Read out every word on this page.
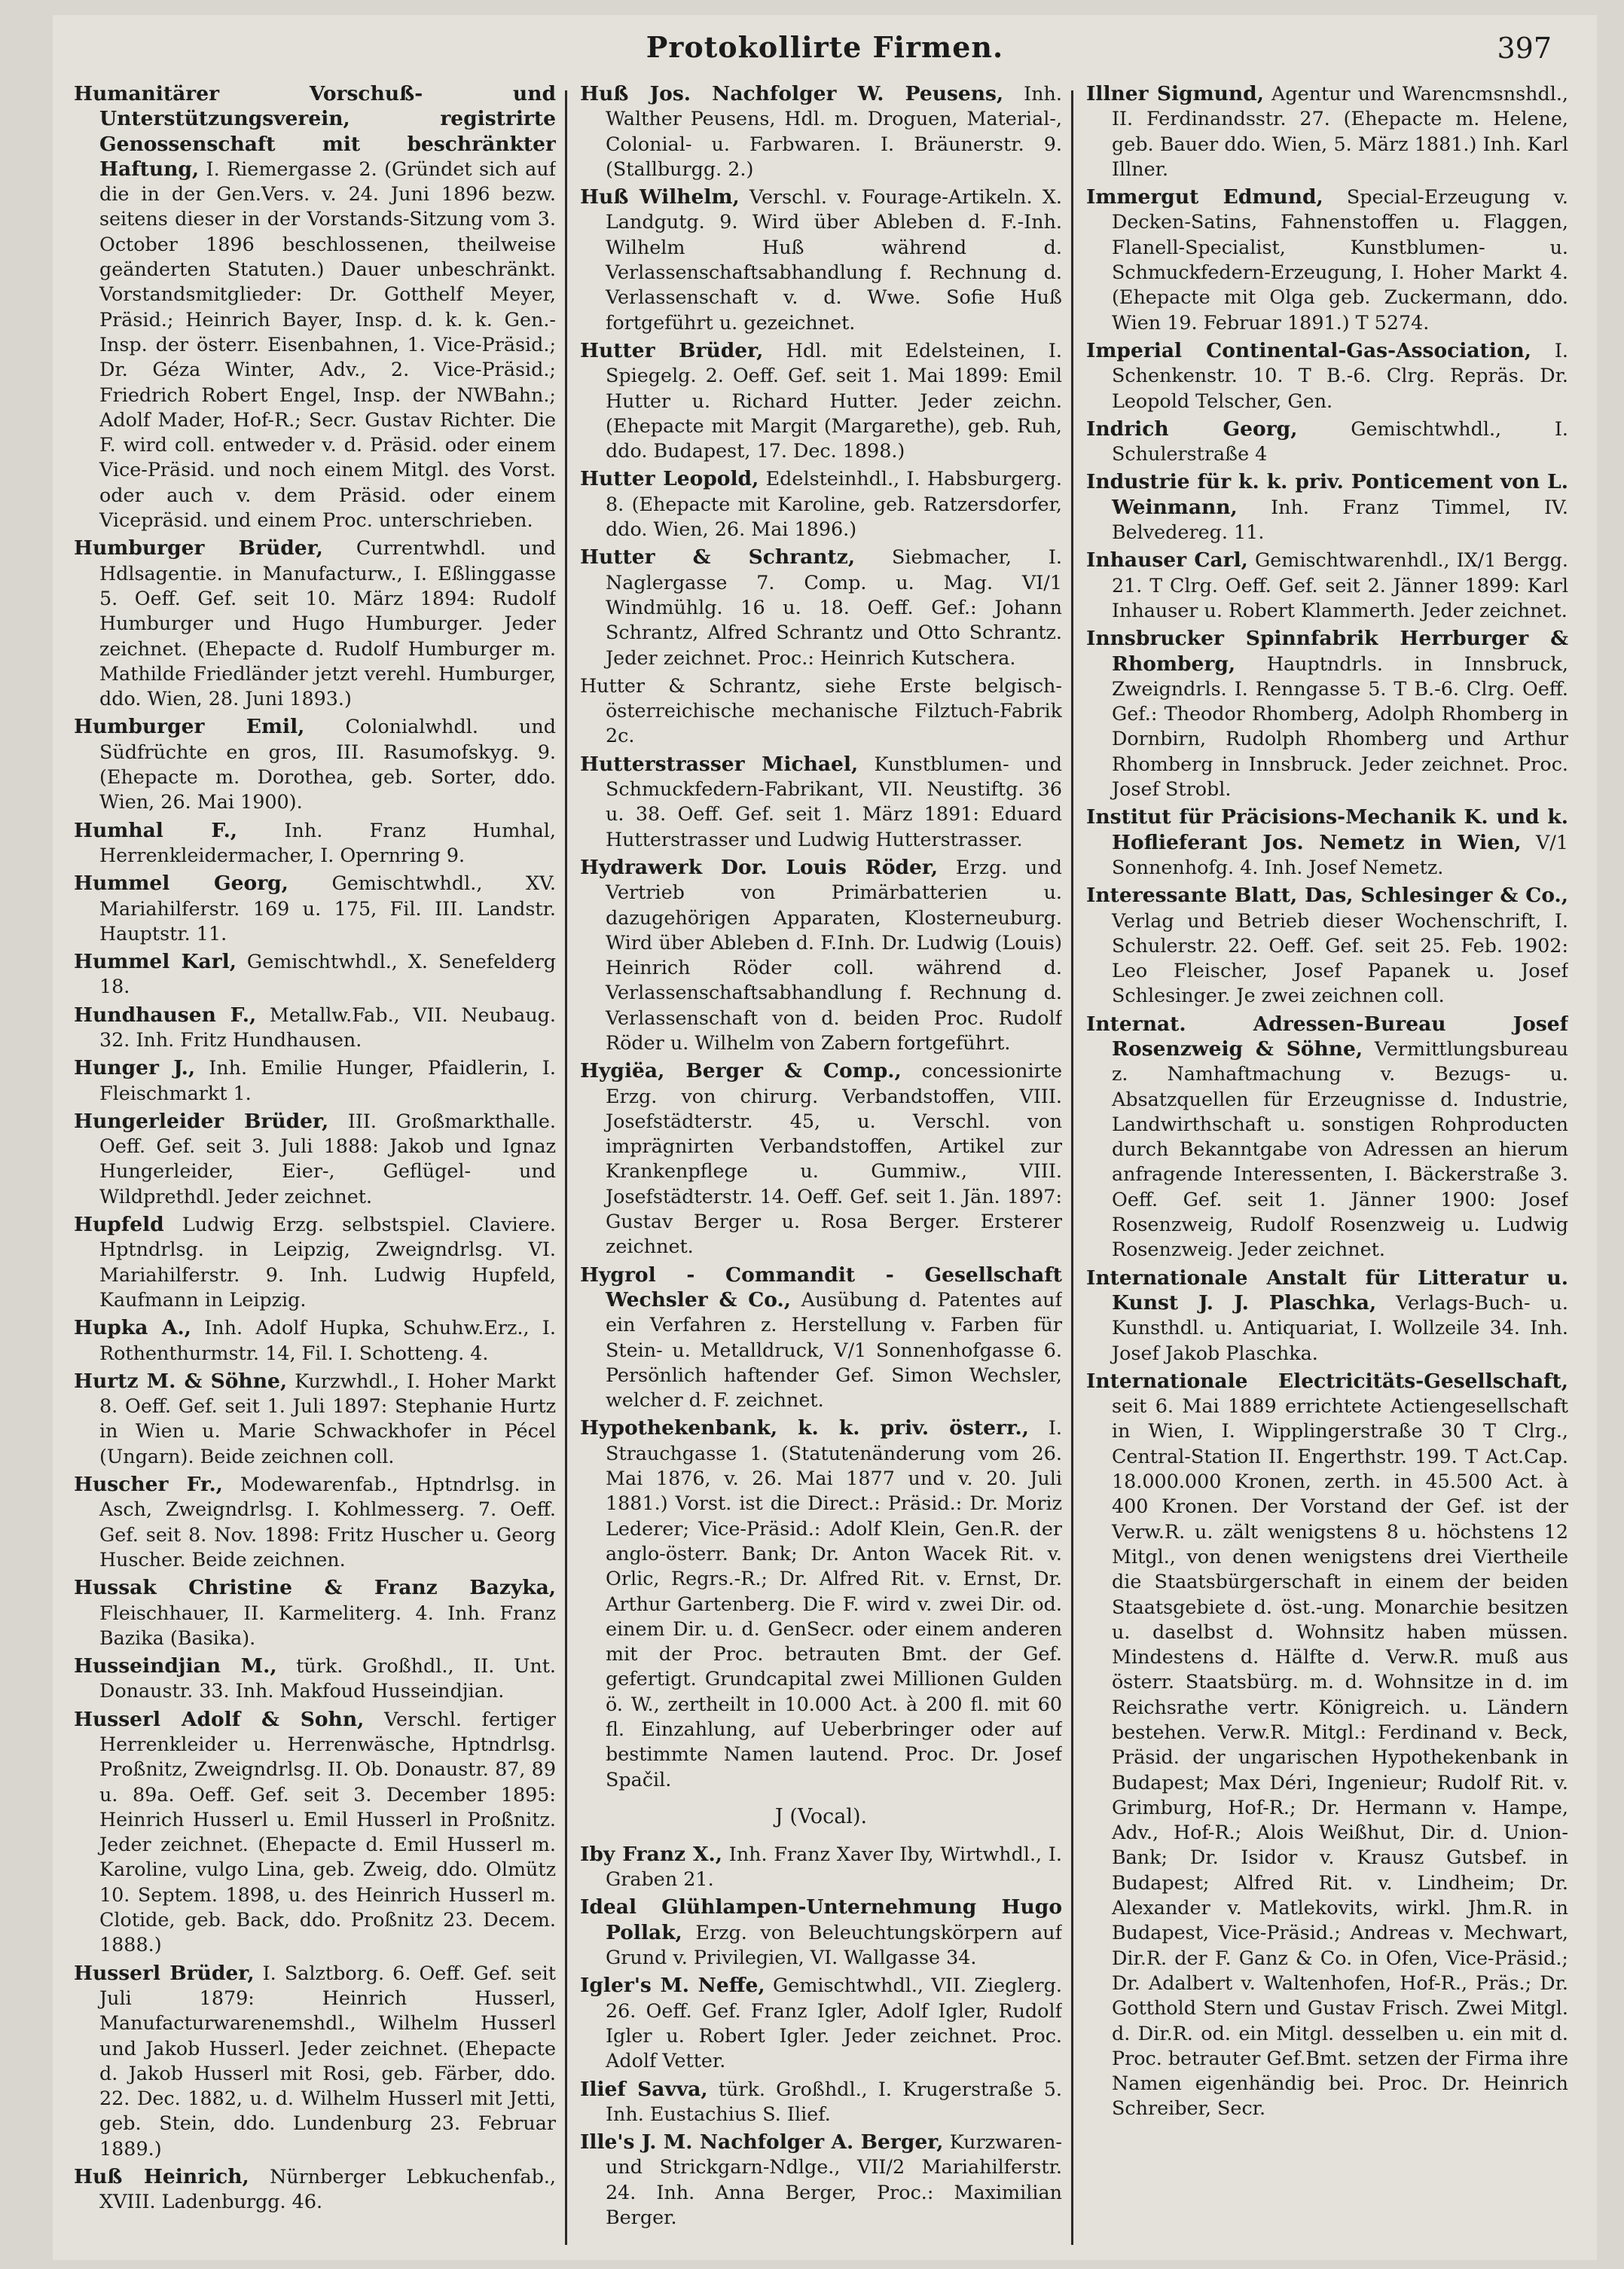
Protokollirte Firmen.	397

Humanitärer Vorschuß- und Unterstützungsverein, registrirte Genossenschaft mit beschränkter Haftung, I. Riemergasse 2. (Gründet sich auf die in der Gen.Vers. v. 24. Juni 1896 bezw. seitens dieser in der Vorstands-Sitzung vom 3. October 1896 beschlossenen, theilweise geänderten Statuten.) Dauer unbeschränkt. Vorstandsmitglieder: Dr. Gotthelf Meyer, Präsid.; Heinrich Bayer, Insp. d. k. k. Gen.-Insp. der österr. Eisenbahnen, 1. Vice-Präsid.; Dr. Géza Winter, Adv., 2. Vice-Präsid.; Friedrich Robert Engel, Insp. der NWBahn.; Adolf Mader, Hof-R.; Secr. Gustav Richter. Die F. wird coll. entweder v. d. Präsid. oder einem Vice-Präsid. und noch einem Mitgl. des Vorst. oder auch v. dem Präsid. oder einem Vicepräsid. und einem Proc. unterschrieben.

Humburger Brüder, Currentwhdl. und Hdlsagentie. in Manufacturw., I. Eßlinggasse 5. Oeff. Gef. seit 10. März 1894: Rudolf Humburger und Hugo Humburger. Jeder zeichnet. (Ehepacte d. Rudolf Humburger m. Mathilde Friedländer jetzt verehl. Humburger, ddo. Wien, 28. Juni 1893.)

Humburger Emil, Colonialwhdl. und Südfrüchte en gros, III. Rasumofskyg. 9. (Ehepacte m. Dorothea, geb. Sorter, ddo. Wien, 26. Mai 1900).

Humhal F., Inh. Franz Humhal, Herrenkleidermacher, I. Opernring 9.

Hummel Georg, Gemischtwhdl., XV. Mariahilferstr. 169 u. 175, Fil. III. Landstr. Hauptstr. 11.

Hummel Karl, Gemischtwhdl., X. Senefelderg 18.

Hundhausen F., Metallw.Fab., VII. Neubaug. 32. Inh. Fritz Hundhausen.

Hunger J., Inh. Emilie Hunger, Pfaidlerin, I. Fleischmarkt 1.

Hungerleider Brüder, III. Großmarkthalle. Oeff. Gef. seit 3. Juli 1888: Jakob und Ignaz Hungerleider, Eier-, Geflügel- und Wildprethdl. Jeder zeichnet.

Hupfeld Ludwig Erzg. selbstspiel. Claviere. Hptndrlsg. in Leipzig, Zweigndrlsg. VI. Mariahilferstr. 9. Inh. Ludwig Hupfeld, Kaufmann in Leipzig.

Hupka A., Inh. Adolf Hupka, Schuhw.Erz., I. Rothenthurmstr. 14, Fil. I. Schotteng. 4.

Hurtz M. & Söhne, Kurzwhdl., I. Hoher Markt 8. Oeff. Gef. seit 1. Juli 1897: Stephanie Hurtz in Wien u. Marie Schwackhofer in Pécel (Ungarn). Beide zeichnen coll.

Huscher Fr., Modewarenfab., Hptndrlsg. in Asch, Zweigndrlsg. I. Kohlmesserg. 7. Oeff. Gef. seit 8. Nov. 1898: Fritz Huscher u. Georg Huscher. Beide zeichnen.

Hussak Christine & Franz Bazyka, Fleischhauer, II. Karmeliterg. 4. Inh. Franz Bazika (Basika).

Husseindjian M., türk. Großhdl., II. Unt. Donaustr. 33. Inh. Makfoud Husseindjian.

Husserl Adolf & Sohn, Verschl. fertiger Herrenkleider u. Herrenwäsche, Hptndrlsg. Proßnitz, Zweigndrlsg. II. Ob. Donaustr. 87, 89 u. 89a. Oeff. Gef. seit 3. December 1895: Heinrich Husserl u. Emil Husserl in Proßnitz. Jeder zeichnet. (Ehepacte d. Emil Husserl m. Karoline, vulgo Lina, geb. Zweig, ddo. Olmütz 10. Septem. 1898, u. des Heinrich Husserl m. Clotide, geb. Back, ddo. Proßnitz 23. Decem. 1888.)

Husserl Brüder, I. Salztborg. 6. Oeff. Gef. seit Juli 1879: Heinrich Husserl, Manufacturwarenemshdl., Wilhelm Husserl und Jakob Husserl. Jeder zeichnet. (Ehepacte d. Jakob Husserl mit Rosi, geb. Färber, ddo. 22. Dec. 1882, u. d. Wilhelm Husserl mit Jetti, geb. Stein, ddo. Lundenburg 23. Februar 1889.)

Huß Heinrich, Nürnberger Lebkuchenfab., XVIII. Ladenburgg. 46.

Huß Jos. Nachfolger W. Peusens, Inh. Walther Peusens, Hdl. m. Droguen, Material-, Colonial- u. Farbwaren. I. Bräunerstr. 9. (Stallburgg. 2.)

Huß Wilhelm, Verschl. v. Fourage-Artikeln. X. Landgutg. 9. Wird über Ableben d. F.-Inh. Wilhelm Huß während d. Verlassenschaftsabhandlung f. Rechnung d. Verlassenschaft v. d. Wwe. Sofie Huß fortgeführt u. gezeichnet.

Hutter Brüder, Hdl. mit Edelsteinen, I. Spiegelg. 2. Oeff. Gef. seit 1. Mai 1899: Emil Hutter u. Richard Hutter. Jeder zeichn. (Ehepacte mit Margit (Margarethe), geb. Ruh, ddo. Budapest, 17. Dec. 1898.)

Hutter Leopold, Edelsteinhdl., I. Habsburgerg. 8. (Ehepacte mit Karoline, geb. Ratzersdorfer, ddo. Wien, 26. Mai 1896.)

Hutter & Schrantz, Siebmacher, I. Naglergasse 7. Comp. u. Mag. VI/1 Windmühlg. 16 u. 18. Oeff. Gef.: Johann Schrantz, Alfred Schrantz und Otto Schrantz. Jeder zeichnet. Proc.: Heinrich Kutschera.

Hutter & Schrantz, siehe Erste belgisch-österreichische mechanische Filztuch-Fabrik 2c.

Hutterstrasser Michael, Kunstblumen- und Schmuckfedern-Fabrikant, VII. Neustiftg. 36 u. 38. Oeff. Gef. seit 1. März 1891: Eduard Hutterstrasser und Ludwig Hutterstrasser.

Hydrawerk Dor. Louis Röder, Erzg. und Vertrieb von Primärbatterien u. dazugehörigen Apparaten, Klosterneuburg. Wird über Ableben d. F.Inh. Dr. Ludwig (Louis) Heinrich Röder coll. während d. Verlassenschaftsabhandlung f. Rechnung d. Verlassenschaft von d. beiden Proc. Rudolf Röder u. Wilhelm von Zabern fortgeführt.

Hygiëa, Berger & Comp., concessionirte Erzg. von chirurg. Verbandstoffen, VIII. Josefstädterstr. 45, u. Verschl. von imprägnirten Verbandstoffen, Artikel zur Krankenpflege u. Gummiw., VIII. Josefstädterstr. 14. Oeff. Gef. seit 1. Jän. 1897: Gustav Berger u. Rosa Berger. Ersterer zeichnet.

Hygrol - Commandit - Gesellschaft Wechsler & Co., Ausübung d. Patentes auf ein Verfahren z. Herstellung v. Farben für Stein- u. Metalldruck, V/1 Sonnenhofgasse 6. Persönlich haftender Gef. Simon Wechsler, welcher d. F. zeichnet.

Hypothekenbank, k. k. priv. österr., I. Strauchgasse 1. (Statutenänderung vom 26. Mai 1876, v. 26. Mai 1877 und v. 20. Juli 1881.) Vorst. ist die Direct.: Präsid.: Dr. Moriz Lederer; Vice-Präsid.: Adolf Klein, Gen.R. der anglo-österr. Bank; Dr. Anton Wacek Rit. v. Orlic, Regrs.-R.; Dr. Alfred Rit. v. Ernst, Dr. Arthur Gartenberg. Die F. wird v. zwei Dir. od. einem Dir. u. d. GenSecr. oder einem anderen mit der Proc. betrauten Bmt. der Gef. gefertigt. Grundcapital zwei Millionen Gulden ö. W., zertheilt in 10.000 Act. à 200 fl. mit 60 fl. Einzahlung, auf Ueberbringer oder auf bestimmte Namen lautend. Proc. Dr. Josef Spačil.

J (Vocal).

Iby Franz X., Inh. Franz Xaver Iby, Wirtwhdl., I. Graben 21.

Ideal Glühlampen-Unternehmung Hugo Pollak, Erzg. von Beleuchtungskörpern auf Grund v. Privilegien, VI. Wallgasse 34.

Igler's M. Neffe, Gemischtwhdl., VII. Zieglerg. 26. Oeff. Gef. Franz Igler, Adolf Igler, Rudolf Igler u. Robert Igler. Jeder zeichnet. Proc. Adolf Vetter.

Ilief Savva, türk. Großhdl., I. Krugerstraße 5. Inh. Eustachius S. Ilief.

Ille's J. M. Nachfolger A. Berger, Kurzwaren- und Strickgarn-Ndlge., VII/2 Mariahilferstr. 24. Inh. Anna Berger, Proc.: Maximilian Berger.

Illner Sigmund, Agentur und Warencmsnshdl., II. Ferdinandsstr. 27. (Ehepacte m. Helene, geb. Bauer ddo. Wien, 5. März 1881.) Inh. Karl Illner.

Immergut Edmund, Special-Erzeugung v. Decken-Satins, Fahnenstoffen u. Flaggen, Flanell-Specialist, Kunstblumen- u. Schmuckfedern-Erzeugung, I. Hoher Markt 4. (Ehepacte mit Olga geb. Zuckermann, ddo. Wien 19. Februar 1891.) T 5274.

Imperial Continental-Gas-Association, I. Schenkenstr. 10. T B.-6. Clrg. Repräs. Dr. Leopold Telscher, Gen.

Indrich Georg, Gemischtwhdl., I. Schulerstraße 4

Industrie für k. k. priv. Ponticement von L. Weinmann, Inh. Franz Timmel, IV. Belvedereg. 11.

Inhauser Carl, Gemischtwarenhdl., IX/1 Bergg. 21. T Clrg. Oeff. Gef. seit 2. Jänner 1899: Karl Inhauser u. Robert Klammerth. Jeder zeichnet.

Innsbrucker Spinnfabrik Herrburger & Rhomberg, Hauptndrls. in Innsbruck, Zweigndrls. I. Renngasse 5. T B.-6. Clrg. Oeff. Gef.: Theodor Rhomberg, Adolph Rhomberg in Dornbirn, Rudolph Rhomberg und Arthur Rhomberg in Innsbruck. Jeder zeichnet. Proc. Josef Strobl.

Institut für Präcisions-Mechanik K. und k. Hoflieferant Jos. Nemetz in Wien, V/1 Sonnenhofg. 4. Inh. Josef Nemetz.

Interessante Blatt, Das, Schlesinger & Co., Verlag und Betrieb dieser Wochenschrift, I. Schulerstr. 22. Oeff. Gef. seit 25. Feb. 1902: Leo Fleischer, Josef Papanek u. Josef Schlesinger. Je zwei zeichnen coll.

Internat. Adressen-Bureau Josef Rosenzweig & Söhne, Vermittlungsbureau z. Namhaftmachung v. Bezugs- u. Absatzquellen für Erzeugnisse d. Industrie, Landwirthschaft u. sonstigen Rohproducten durch Bekanntgabe von Adressen an hierum anfragende Interessenten, I. Bäckerstraße 3. Oeff. Gef. seit 1. Jänner 1900: Josef Rosenzweig, Rudolf Rosenzweig u. Ludwig Rosenzweig. Jeder zeichnet.

Internationale Anstalt für Litteratur u. Kunst J. J. Plaschka, Verlags-Buch- u. Kunsthdl. u. Antiquariat, I. Wollzeile 34. Inh. Josef Jakob Plaschka.

Internationale Electricitäts-Gesellschaft, seit 6. Mai 1889 errichtete Actiengesellschaft in Wien, I. Wipplingerstraße 30 T Clrg., Central-Station II. Engerthstr. 199. T Act.Cap. 18.000.000 Kronen, zerth. in 45.500 Act. à 400 Kronen. Der Vorstand der Gef. ist der Verw.R. u. zält wenigstens 8 u. höchstens 12 Mitgl., von denen wenigstens drei Viertheile die Staatsbürgerschaft in einem der beiden Staatsgebiete d. öst.-ung. Monarchie besitzen u. daselbst d. Wohnsitz haben müssen. Mindestens d. Hälfte d. Verw.R. muß aus österr. Staatsbürg. m. d. Wohnsitze in d. im Reichsrathe vertr. Königreich. u. Ländern bestehen. Verw.R. Mitgl.: Ferdinand v. Beck, Präsid. der ungarischen Hypothekenbank in Budapest; Max Déri, Ingenieur; Rudolf Rit. v. Grimburg, Hof-R.; Dr. Hermann v. Hampe, Adv., Hof-R.; Alois Weißhut, Dir. d. Union-Bank; Dr. Isidor v. Krausz Gutsbef. in Budapest; Alfred Rit. v. Lindheim; Dr. Alexander v. Matlekovits, wirkl. Jhm.R. in Budapest, Vice-Präsid.; Andreas v. Mechwart, Dir.R. der F. Ganz & Co. in Ofen, Vice-Präsid.; Dr. Adalbert v. Waltenhofen, Hof-R., Präs.; Dr. Gotthold Stern und Gustav Frisch. Zwei Mitgl. d. Dir.R. od. ein Mitgl. desselben u. ein mit d. Proc. betrauter Gef.Bmt. setzen der Firma ihre Namen eigenhändig bei. Proc. Dr. Heinrich Schreiber, Secr.
